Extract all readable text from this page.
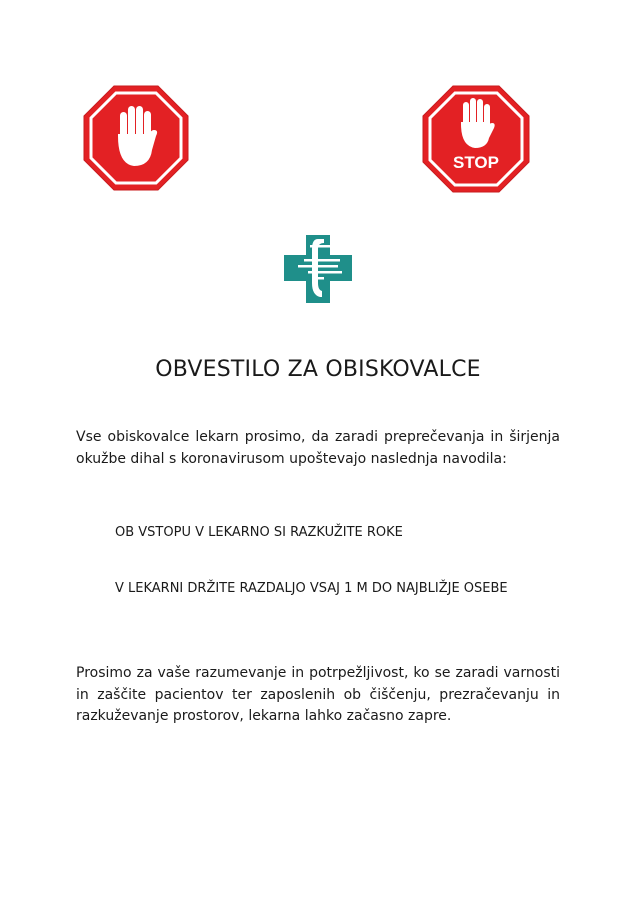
STOP
OBVESTILO ZA OBISKOVALCE

Vse obiskovalce lekarn prosimo, da zaradi preprečevanja in širjenja okužbe dihal s koronavirusom upoštevajo naslednja navodila:

OB VSTOPU V LEKARNO SI RAZKUŽITE ROKE

V LEKARNI DRŽITE RAZDALJO VSAJ 1 M DO NAJBLIŽJE OSEBE

Prosimo za vaše razumevanje in potrpežljivost, ko se zaradi varnosti in zaščite pacientov ter zaposlenih ob čiščenju, prezračevanju in razkuževanje prostorov, lekarna lahko začasno zapre.
